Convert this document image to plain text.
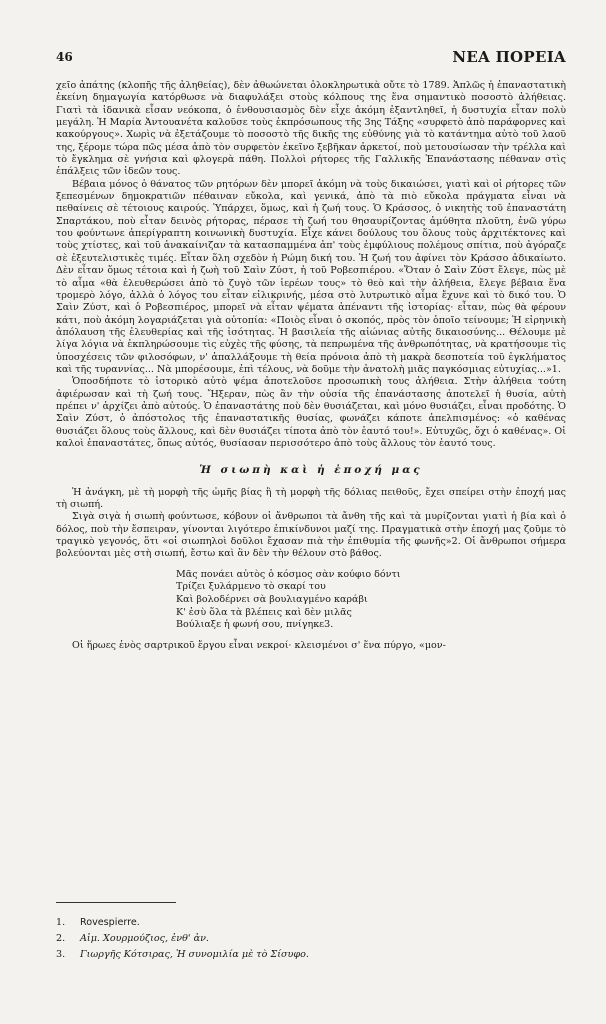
46	ΝΕΑ ΠΟΡΕΙΑ

χεῖο ἀπάτης (κλοπῆς τῆς ἀληθείας), δὲν ἀθωώνεται ὁλοκληρωτικὰ οὔτε τὸ 1789. Ἁπλῶς ἡ ἐπαναστατικὴ ἐκείνη δημαγωγία κατόρθωσε νὰ διαφυλάξει στοὺς κόλπους της ἕνα σημαντικὸ ποσοστὸ ἀλήθειας. Γιατὶ τὰ ἰδανικὰ εἶσαν νεόκοπα, ὁ ἐνθουσιασμὸς δὲν εἶχε ἀκόμη ἐξαντληθεῖ, ἡ δυστυχία εἶταν πολὺ μεγάλη. Ἡ Μαρία Ἀντουανέτα καλοῦσε τοὺς ἐκπρόσωπους τῆς 3ης Τάξης «συρφετὸ ἀπὸ παράφορνες καὶ κακούργους». Χωρὶς νὰ ἐξετάζουμε τὸ ποσοστὸ τῆς δικῆς της εὐθύνης γιὰ τὸ κατάντημα αὐτὸ τοῦ λαοῦ της, ξέρομε τώρα πῶς μέσα ἀπὸ τὸν συρφετὸν ἐκεῖνο ξεβῆκαν ἀρκετοί, ποὺ μετουσίωσαν τὴν τρέλλα καὶ τὸ ἔγκλημα σὲ γνήσια καὶ φλογερὰ πάθη. Πολλοὶ ρήτορες τῆς Γαλλικῆς Ἐπανάστασης πέθαναν στὶς ἐπάλξεις τῶν ἰδεῶν τους.

Βέβαια μόνος ὁ θάνατος τῶν ρητόρων δὲν μπορεῖ ἀκόμη νὰ τοὺς δικαιώσει, γιατὶ καὶ οἱ ρήτορες τῶν ξεπεσμένων δημοκρατιῶν πέθαιναν εὔκολα, καὶ γενικά, ἀπὸ τὰ πιὸ εὔκολα πράγματα εἶναι νὰ πεθαίνεις σὲ τέτοιους καιρούς. Ὑπάρχει, ὅμως, καὶ ἡ ζωή τους. Ὁ Κράσσος, ὁ νικητὴς τοῦ ἐπαναστάτη Σπαρτάκου, ποὺ εἶταν δεινὸς ρήτορας, πέρασε τὴ ζωή του θησαυρίζοντας ἀμύθητα πλοῦτη, ἐνῶ γύρω του φούντωνε ἀπερίγραπτη κοινωνικὴ δυστυχία. Εἶχε κάνει δούλους του ὅλους τοὺς ἀρχιτέκτονες καὶ τοὺς χτίστες, καὶ τοῦ ἀνακαίνιζαν τὰ κατασπαμμένα ἀπ' τοὺς ἐμφύλιους πολέμους σπίτια, ποὺ ἀγόραζε σὲ ἐξευτελιστικὲς τιμές. Εἶταν ὅλη σχεδὸν ἡ Ρώμη δική του. Ἡ ζωή του ἀφίνει τὸν Κράσσο ἀδικαίωτο. Δὲν εἶταν ὅμως τέτοια καὶ ἡ ζωὴ τοῦ Σαὶν Ζύστ, ἡ τοῦ Ροβεσπιέρου. «Ὅταν ὁ Σαὶν Ζύστ ἔλεγε, πὼς μὲ τὸ αἷμα «θὰ ἐλευθερώσει ἀπὸ τὸ ζυγὸ τῶν ἱερέων τους» τὸ θεὸ καὶ τὴν ἀλήθεια, ἔλεγε βέβαια ἕνα τρομερὸ λόγο, ἀλλὰ ὁ λόγος του εἶταν εἰλικρινής, μέσα στὸ λυτρωτικὸ αἷμα ἔχυνε καὶ τὸ δικό του. Ὁ Σαὶν Ζύστ, καὶ ὁ Ροβεσπιέρος, μπορεῖ νὰ εἶταν ψέματα ἀπέναντι τῆς ἱστορίας· εἶταν, πὼς θὰ φέρουν κάτι, ποὺ ἀκόμη λογαριάζεται γιὰ οὐτοπία: «Ποιὸς εἶναι ὁ σκοπός, πρὸς τὸν ὁποῖο τείνουμε; Ἡ εἰρηνικὴ ἀπόλαυση τῆς ἐλευθερίας καὶ τῆς ἰσότητας. Ἡ βασιλεία τῆς αἰώνιας αὐτῆς δικαιοσύνης... Θέλουμε μὲ λίγα λόγια νὰ ἐκπληρώσουμε τὶς εὐχὲς τῆς φύσης, τὰ πεπρωμένα τῆς ἀνθρωπότητας, νὰ κρατήσουμε τὶς ὑποσχέσεις τῶν φιλοσόφων, ν' ἀπαλλάξουμε τὴ θεία πρόνοια ἀπὸ τὴ μακρὰ δεσποτεία τοῦ ἐγκλήματος καὶ τῆς τυραννίας... Νὰ μπορέσουμε, ἐπὶ τέλους, νὰ δοῦμε τὴν ἀνατολὴ μιᾶς παγκόσμιας εὐτυχίας...»1.

Ὁποσδήποτε τὸ ἱστορικὸ αὐτὸ ψέμα ἀποτελοῦσε προσωπικὴ τους ἀλήθεια. Στὴν ἀλήθεια τούτη ἀφιέρωσαν καὶ τὴ ζωή τους. Ἤξεραν, πὼς ἂν τὴν οὐσία τῆς ἐπανάστασης ἀποτελεῖ ἡ θυσία, αὐτὴ πρέπει ν' ἀρχίζει ἀπὸ αὐτούς. Ὁ ἐπαναστάτης ποὺ δὲν θυσιάζεται, καὶ μόνο θυσιάζει, εἶναι προδότης. Ὁ Σαὶν Ζύστ, ὁ ἀπόστολος τῆς ἐπαναστατικῆς θυσίας, φωνάζει κάποτε ἀπελπισμένος: «ὁ καθένας θυσιάζει ὅλους τοὺς ἄλλους, καὶ δὲν θυσιάζει τίποτα ἀπὸ τὸν ἑαυτό του!». Εὐτυχῶς, ὄχι ὁ καθένας». Οἱ καλοὶ ἐπαναστάτες, ὅπως αὐτός, θυσίασαν περισσότερο ἀπὸ τοὺς ἄλλους τὸν ἑαυτό τους.

Ἡ σιωπὴ καὶ ἡ ἐποχή μας

Ἡ ἀνάγκη, μὲ τὴ μορφὴ τῆς ὠμῆς βίας ἢ τὴ μορφὴ τῆς δόλιας πειθοῦς, ἔχει σπείρει στὴν ἐποχή μας τὴ σιωπή.

Σιγὰ σιγὰ ἡ σιωπὴ φούντωσε, κόβουν οἱ ἄνθρωποι τὰ ἄνθη τῆς καὶ τὰ μυρίζονται γιατὶ ἡ βία καὶ ὁ δόλος, ποὺ τὴν ἔσπειραν, γίνονται λιγότερο ἐπικίνδυνοι μαζί της. Πραγματικὰ στὴν ἐποχή μας ζοῦμε τὸ τραγικὸ γεγονός, ὅτι «οἱ σιωπηλοὶ δοῦλοι ἔχασαν πιὰ τὴν ἐπιθυμία τῆς φωνῆς»2. Οἱ ἄνθρωποι σήμερα βολεύονται μὲς στὴ σιωπή, ἔστω καὶ ἂν δὲν τὴν θέλουν στὸ βάθος.

Μᾶς πονάει αὐτὸς ὁ κόσμος σὰν κούφιο δόντι
Τρίζει ξυλάρμενο τὸ σκαρί του
Καὶ βολοδέρνει σὰ βουλιαγμένο καράβι
Κ' ἐσὺ ὅλα τὰ βλέπεις καὶ δὲν μιλᾶς
Βούλιαξε ἡ φωνή σου, πνίγηκε3.

Οἱ ἥρωες ἑνὸς σαρτρικοῦ ἔργου εἶναι νεκροί· κλεισμένοι σ' ἕνα πύργο, «μον-

1.	Rovespierre.
2.	Αἰμ. Χουρμούζιος, ἐνθ' ἀν.
3.	Γιωργῆς Κότσιρας, Ἡ συνομιλία μὲ τὸ Σίσυφο.
